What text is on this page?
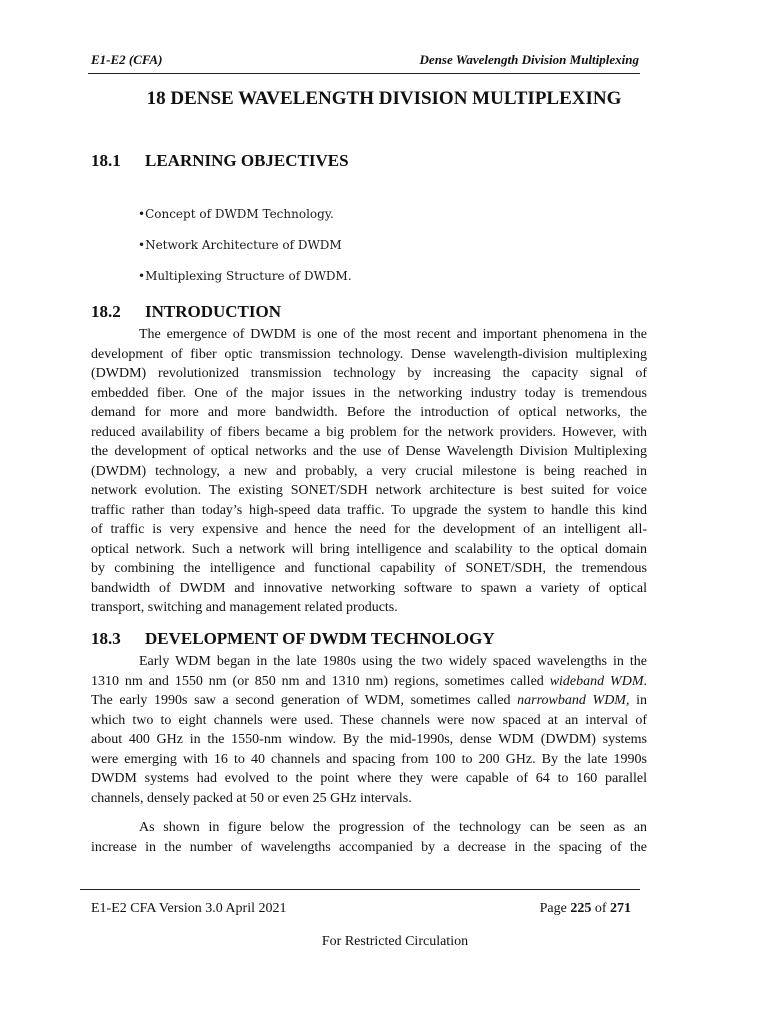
E1-E2 (CFA)	Dense Wavelength Division Multiplexing
18 DENSE WAVELENGTH DIVISION MULTIPLEXING
18.1 LEARNING OBJECTIVES
•Concept of DWDM Technology.
•Network Architecture of DWDM
•Multiplexing Structure of DWDM.
18.2 INTRODUCTION

The emergence of DWDM is one of the most recent and important phenomena in the
development of fiber optic transmission technology. Dense wavelength-division multiplexing
(DWDM) revolutionized transmission technology by increasing the capacity signal of
embedded fiber. One of the major issues in the networking industry today is tremendous
demand for more and more bandwidth. Before the introduction of optical networks, the
reduced availability of fibers became a big problem for the network providers. However, with
the development of optical networks and the use of Dense Wavelength Division Multiplexing
(DWDM) technology, a new and probably, a very crucial milestone is being reached in
network evolution. The existing SONET/SDH network architecture is best suited for voice
traffic rather than today’s high-speed data traffic. To upgrade the system to handle this kind
of traffic is very expensive and hence the need for the development of an intelligent all-
optical network. Such a network will bring intelligence and scalability to the optical domain
by combining the intelligence and functional capability of SONET/SDH, the tremendous
bandwidth of DWDM and innovative networking software to spawn a variety of optical
transport, switching and management related products.

18.3 DEVELOPMENT OF DWDM TECHNOLOGY

Early WDM began in the late 1980s using the two widely spaced wavelengths in the
1310 nm and 1550 nm (or 850 nm and 1310 nm) regions, sometimes called wideband WDM.
The early 1990s saw a second generation of WDM, sometimes called narrowband WDM, in
which two to eight channels were used. These channels were now spaced at an interval of
about 400 GHz in the 1550-nm window. By the mid-1990s, dense WDM (DWDM) systems
were emerging with 16 to 40 channels and spacing from 100 to 200 GHz. By the late 1990s
DWDM systems had evolved to the point where they were capable of 64 to 160 parallel
channels, densely packed at 50 or even 25 GHz intervals.

As shown in figure below the progression of the technology can be seen as an
increase in the number of wavelengths accompanied by a decrease in the spacing of the

E1-E2 CFA Version 3.0 April 2021	Page 225 of 271
For Restricted Circulation
